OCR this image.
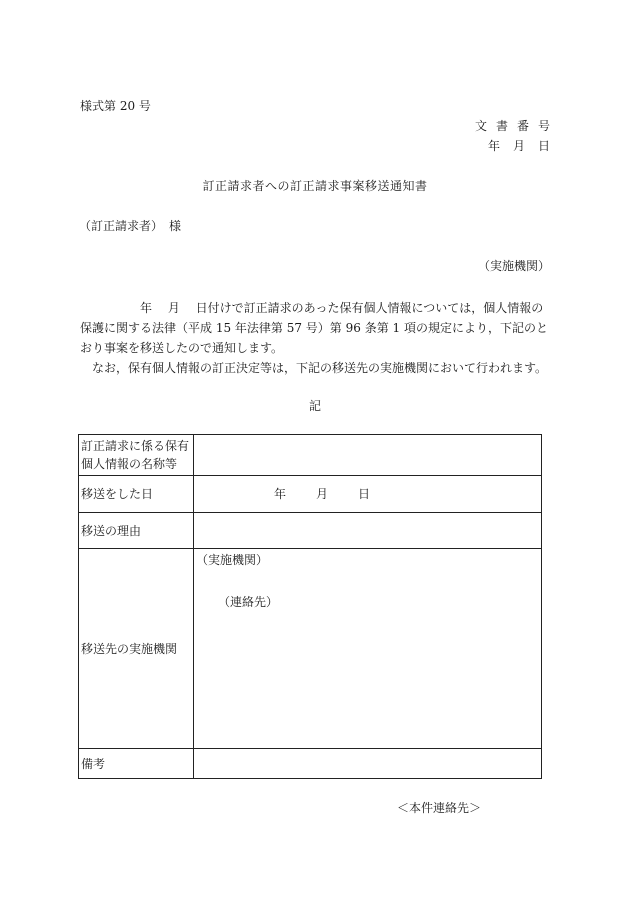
様式第 20 号
文書番号
年 月 日
訂正請求者への訂正請求事案移送通知書
（訂正請求者）　様
（実施機関）

　　　　　年　 月　 日付けで訂正請求のあった保有個人情報については，個人情報の保護に関する法律（平成 15 年法律第 57 号）第 96 条第 1 項の規定により，下記のとおり事案を移送したので通知します。

　なお，保有個人情報の訂正決定等は，下記の移送先の実施機関において行われます。

記
訂正請求に係る保有個人情報の名称等	
移送をした日	年 月 日
移送の理由	
移送先の実施機関	（実施機関）
（連絡先）

備考	
＜本件連絡先＞
